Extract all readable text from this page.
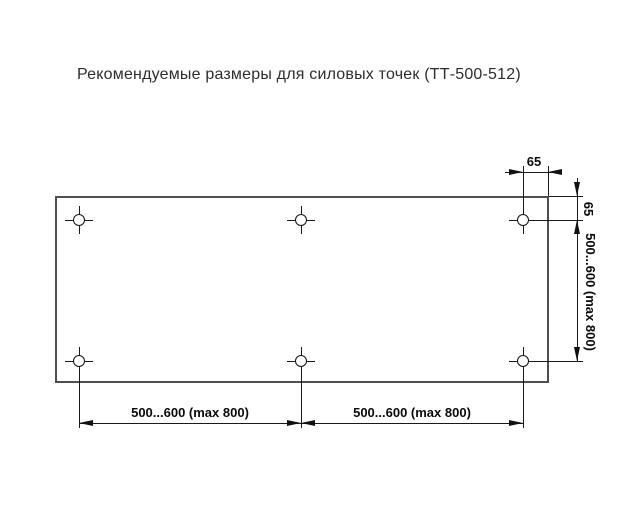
Рекомендуемые размеры для силовых точек (ТТ-500-512)
65
65
500...600 (max 800)
500...600 (max 800)	500...600 (max 800)
